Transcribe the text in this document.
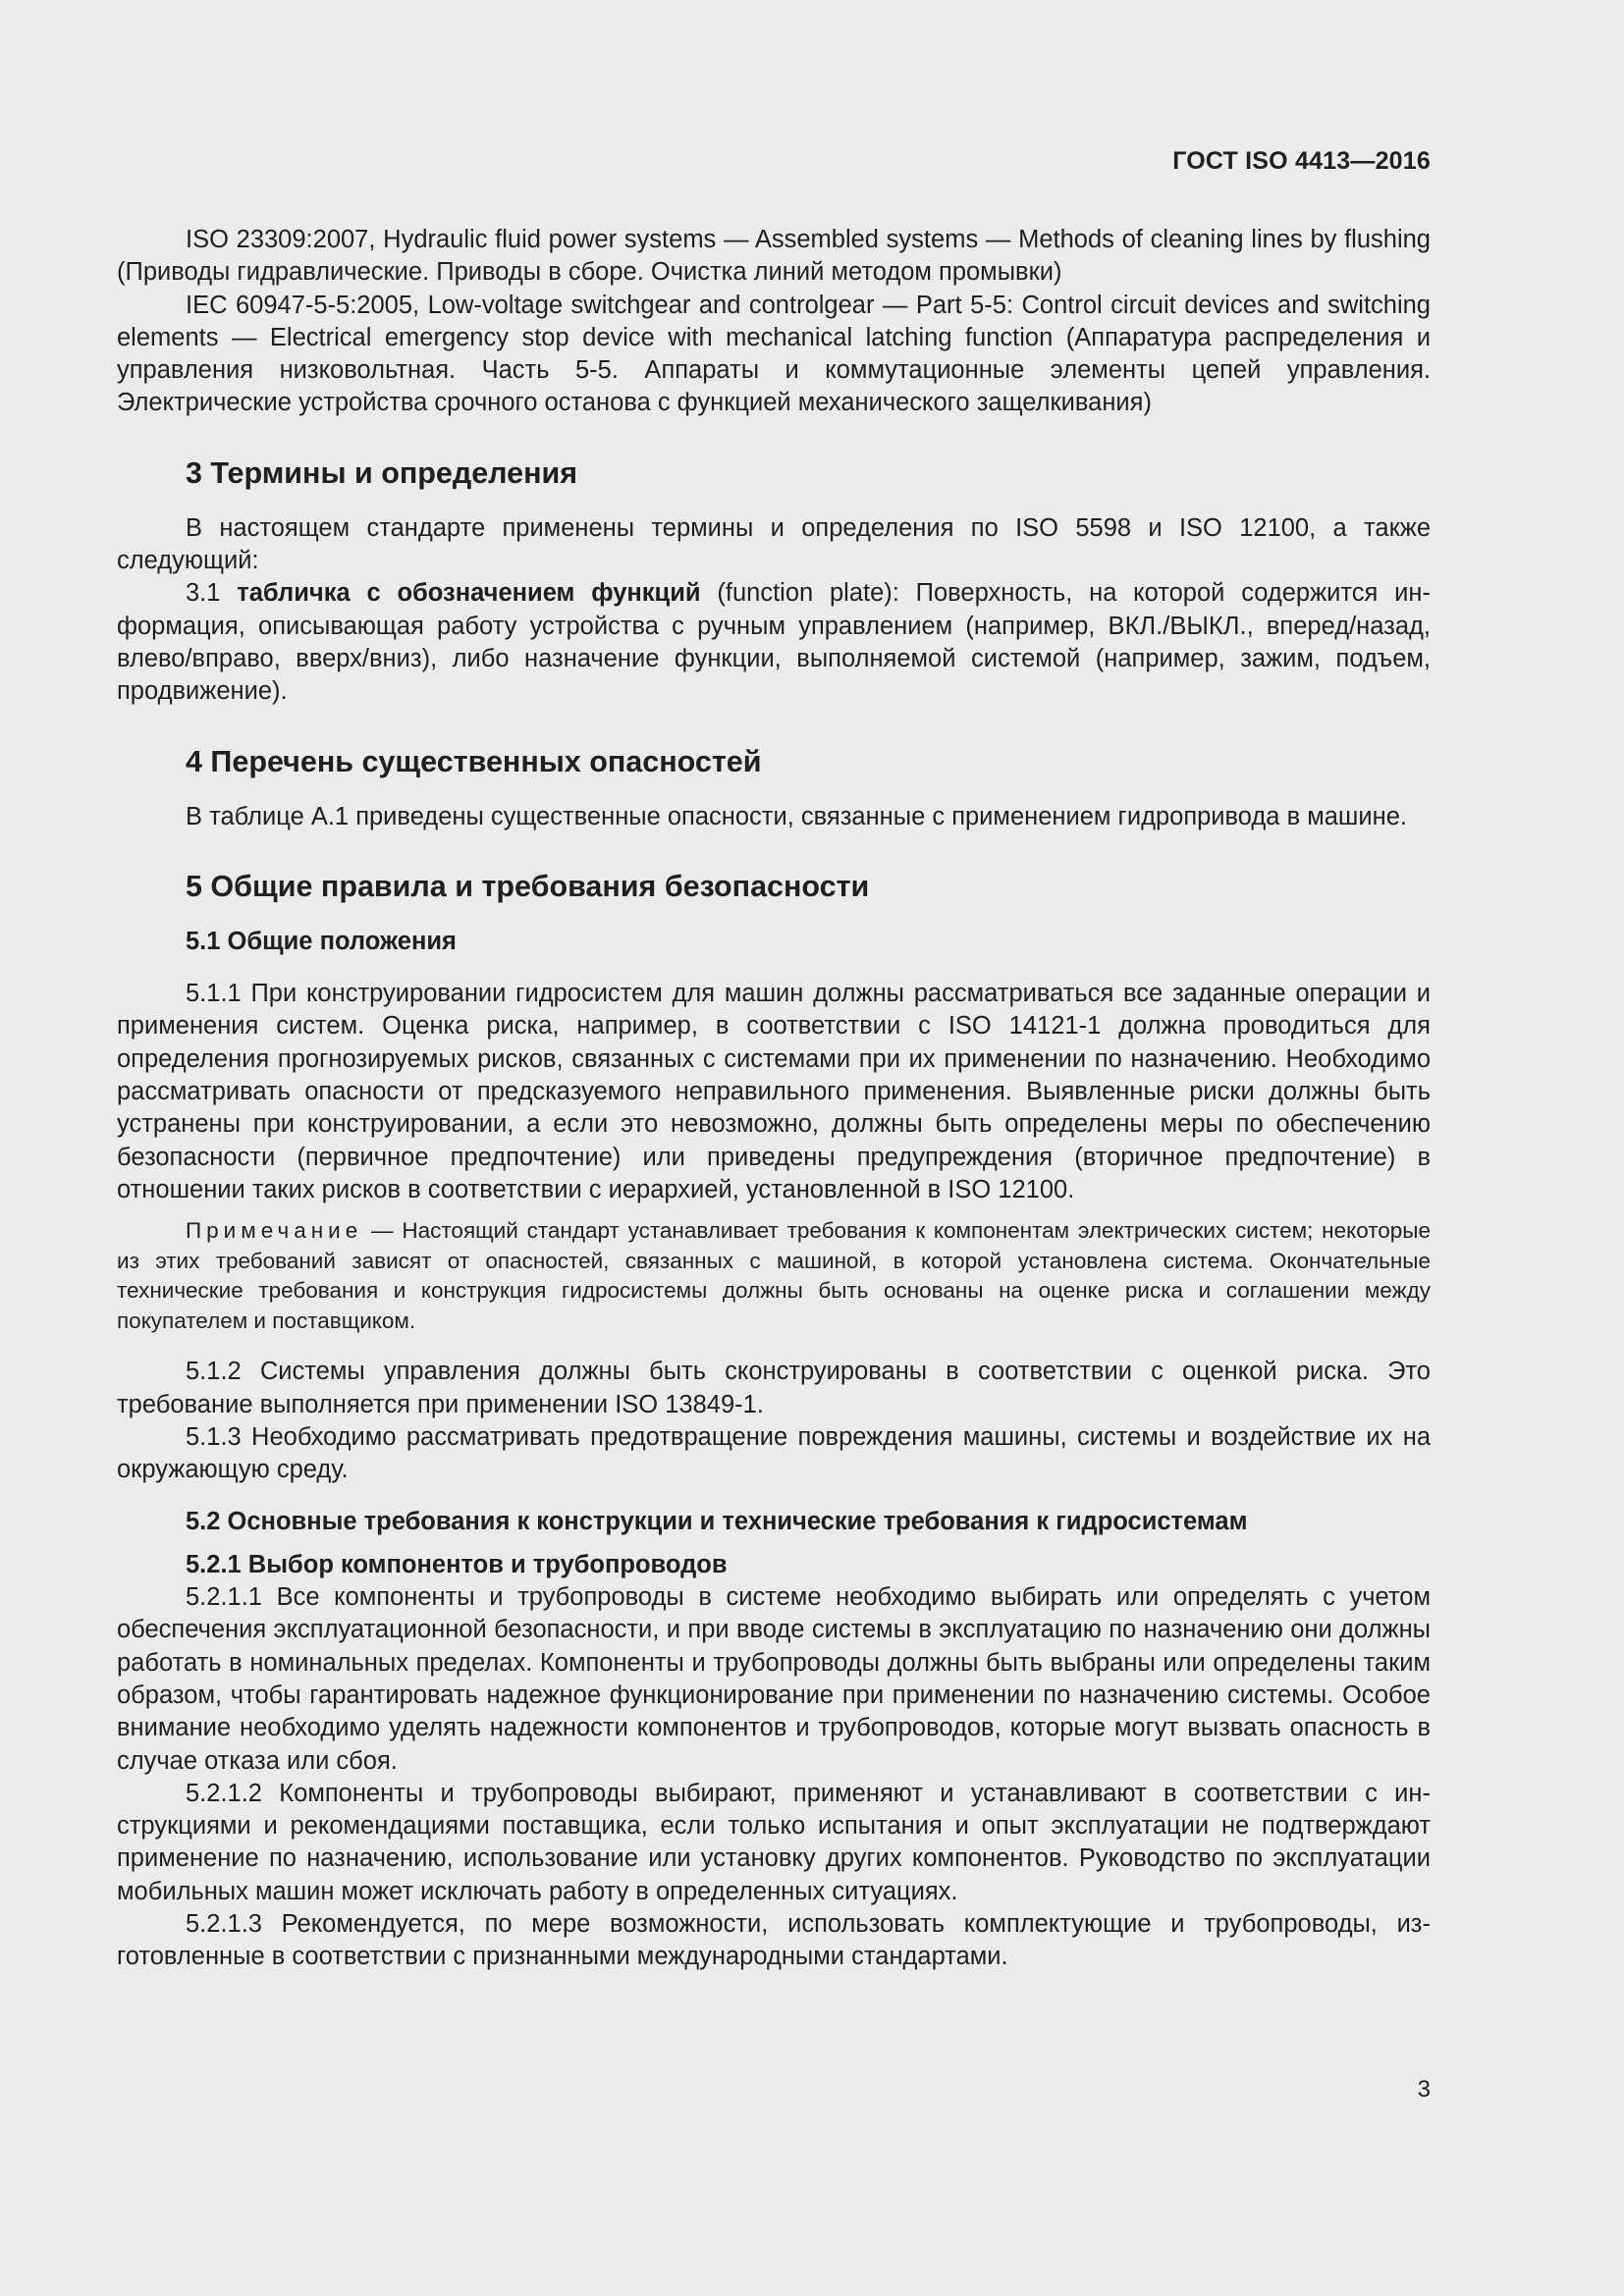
ГОСТ ISO 4413—2016

ISO 23309:2007, Hydraulic fluid power systems — Assembled systems — Methods of cleaning lines by flushing (Приводы гидравлические. Приводы в сборе. Очистка линий методом промывки)

IEC 60947-5-5:2005, Low-voltage switchgear and controlgear — Part 5-5: Control circuit devices and switching elements — Electrical emergency stop device with mechanical latching function (Аппаратура распределения и управления низковольтная. Часть 5-5. Аппараты и коммутационные элементы цепей управления. Электрические устройства срочного останова с функцией механического защелкивания)

3 Термины и определения

В настоящем стандарте применены термины и определения по ISO 5598 и ISO 12100, а также следующий:

3.1 табличка с обозначением функций (function plate): Поверхность, на которой содержится информация, описывающая работу устройства с ручным управлением (например, ВКЛ./ВЫКЛ., вперед/назад, влево/вправо, вверх/вниз), либо назначение функции, выполняемой системой (например, зажим, подъем, продвижение).

4 Перечень существенных опасностей

В таблице А.1 приведены существенные опасности, связанные с применением гидропривода в машине.

5 Общие правила и требования безопасности
5.1 Общие положения

5.1.1 При конструировании гидросистем для машин должны рассматриваться все заданные операции и применения систем. Оценка риска, например, в соответствии с ISO 14121-1 должна проводиться для определения прогнозируемых рисков, связанных с системами при их применении по назначению. Необходимо рассматривать опасности от предсказуемого неправильного применения. Выявленные риски должны быть устранены при конструировании, а если это невозможно, должны быть определены меры по обеспечению безопасности (первичное предпочтение) или приведены предупреждения (вторичное предпочтение) в отношении таких рисков в соответствии с иерархией, установленной в ISO 12100.

Примечание — Настоящий стандарт устанавливает требования к компонентам электрических систем; некоторые из этих требований зависят от опасностей, связанных с машиной, в которой установлена система. Окончательные технические требования и конструкция гидросистемы должны быть основаны на оценке риска и соглашении между покупателем и поставщиком.

5.1.2 Системы управления должны быть сконструированы в соответствии с оценкой риска. Это требование выполняется при применении ISO 13849-1.

5.1.3 Необходимо рассматривать предотвращение повреждения машины, системы и воздействие их на окружающую среду.

5.2 Основные требования к конструкции и технические требования к гидросистемам
5.2.1 Выбор компонентов и трубопроводов

5.2.1.1 Все компоненты и трубопроводы в системе необходимо выбирать или определять с учетом обеспечения эксплуатационной безопасности, и при вводе системы в эксплуатацию по назначению они должны работать в номинальных пределах. Компоненты и трубопроводы должны быть выбраны или определены таким образом, чтобы гарантировать надежное функционирование при применении по назначению системы. Особое внимание необходимо уделять надежности компонентов и трубопроводов, которые могут вызвать опасность в случае отказа или сбоя.

5.2.1.2 Компоненты и трубопроводы выбирают, применяют и устанавливают в соответствии с инструкциями и рекомендациями поставщика, если только испытания и опыт эксплуатации не подтверждают применение по назначению, использование или установку других компонентов. Руководство по эксплуатации мобильных машин может исключать работу в определенных ситуациях.

5.2.1.3 Рекомендуется, по мере возможности, использовать комплектующие и трубопроводы, изготовленные в соответствии с признанными международными стандартами.

3
